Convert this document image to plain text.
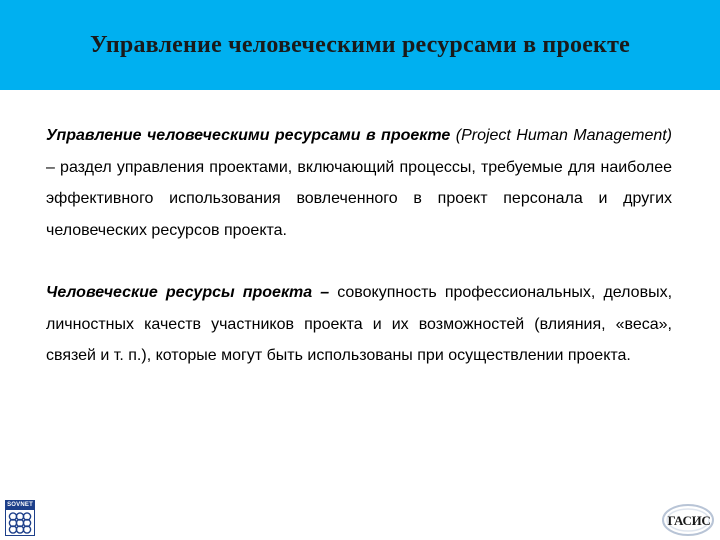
Управление человеческими ресурсами в проекте

Управление человеческими ресурсами в проекте (Project Human Management) – раздел управления проектами, включающий процессы, требуемые для наиболее эффективного использования вовлеченного в проект персонала и других человеческих ресурсов проекта.

Человеческие ресурсы проекта – совокупность профессиональных, деловых, личностных качеств участников проекта и их возможностей (влияния, «веса», связей и т. п.), которые могут быть использованы при осуществлении проекта.

SOVNET
ГАСИС
